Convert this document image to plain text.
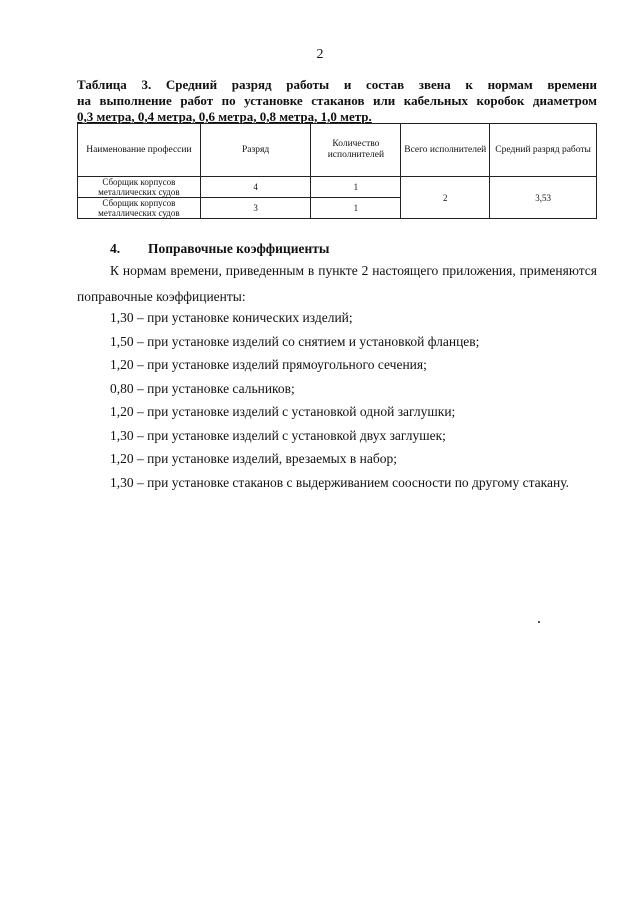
2
Таблица 3. Средний разряд работы и состав звена к нормам времени
на выполнение работ по установке стаканов или кабельных коробок диаметром
0,3 метра, 0,4 метра, 0,6 метра, 0,8 метра, 1,0 метр.
Наименование профессии	Разряд	Количество исполнителей	Всего исполнителей	Средний разряд работы
Сборщик корпусов металлических судов	4	1	2	3,53
Сборщик корпусов металлических судов	3	1		
4. Поправочные коэффициенты
К нормам времени, приведенным в пункте 2 настоящего приложения, применяются
поправочные коэффициенты:
1,30 – при установке конических изделий;
1,50 – при установке изделий со снятием и установкой фланцев;
1,20 – при установке изделий прямоугольного сечения;
0,80 – при установке сальников;
1,20 – при установке изделий с установкой одной заглушки;
1,30 – при установке изделий с установкой двух заглушек;
1,20 – при установке изделий, врезаемых в набор;
1,30 – при установке стаканов с выдерживанием соосности по другому стакану.
